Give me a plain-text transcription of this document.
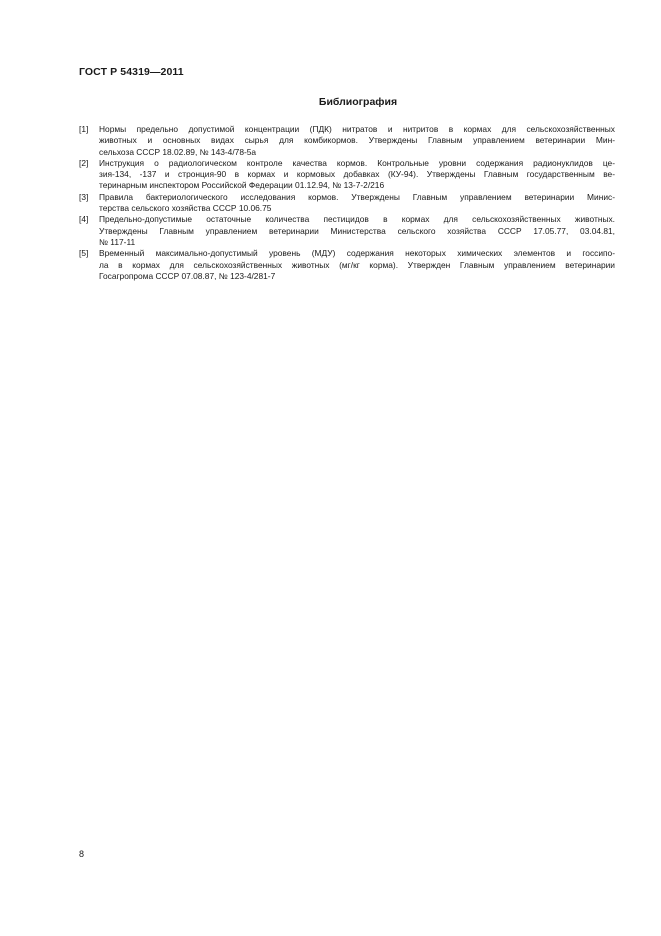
ГОСТ Р 54319—2011
Библиография
[1]	Нормы предельно допустимой концентрации (ПДК) нитратов и нитритов в кормах для сельскохозяйственных
животных и основных видах сырья для комбикормов. Утверждены Главным управлением ветеринарии Мин-
сельхоза СССР 18.02.89, № 143-4/78-5а
[2]	Инструкция о радиологическом контроле качества кормов. Контрольные уровни содержания радионуклидов це-
зия-134, -137 и стронция-90 в кормах и кормовых добавках (КУ-94). Утверждены Главным государственным ве-
теринарным инспектором Российской Федерации 01.12.94, № 13-7-2/216
[3]	Правила бактериологического исследования кормов. Утверждены Главным управлением ветеринарии Минис-
терства сельского хозяйства СССР 10.06.75
[4]	Предельно-допустимые остаточные количества пестицидов в кормах для сельскохозяйственных животных.
Утверждены Главным управлением ветеринарии Министерства сельского хозяйства СССР 17.05.77, 03.04.81,
№ 117-11
[5]	Временный максимально-допустимый уровень (МДУ) содержания некоторых химических элементов и госсипо-
ла в кормах для сельскохозяйственных животных (мг/кг корма). Утвержден Главным управлением ветеринарии
Госагропрома СССР 07.08.87, № 123-4/281-7
8
